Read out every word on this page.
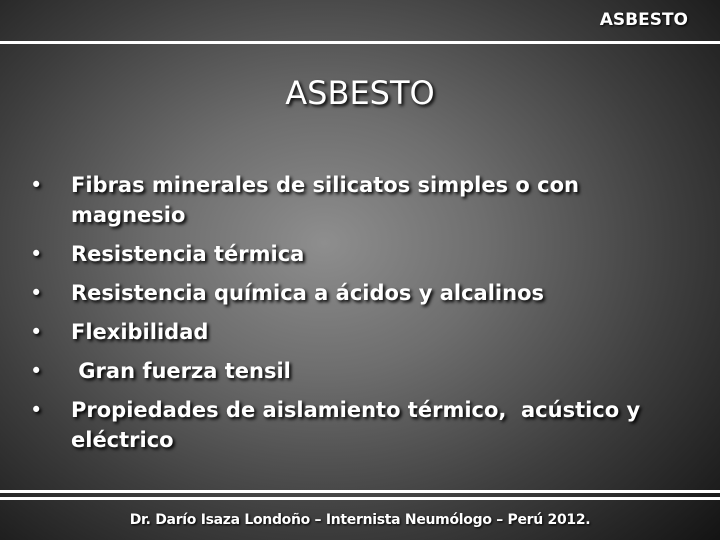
ASBESTO
ASBESTO
• Fibras minerales de silicatos simples o con magnesio
• Resistencia térmica
• Resistencia química a ácidos y alcalinos
• Flexibilidad
• Gran fuerza tensil
• Propiedades de aislamiento térmico,  acústico y eléctrico
Dr. Darío Isaza Londoño – Internista Neumólogo – Perú 2012.
